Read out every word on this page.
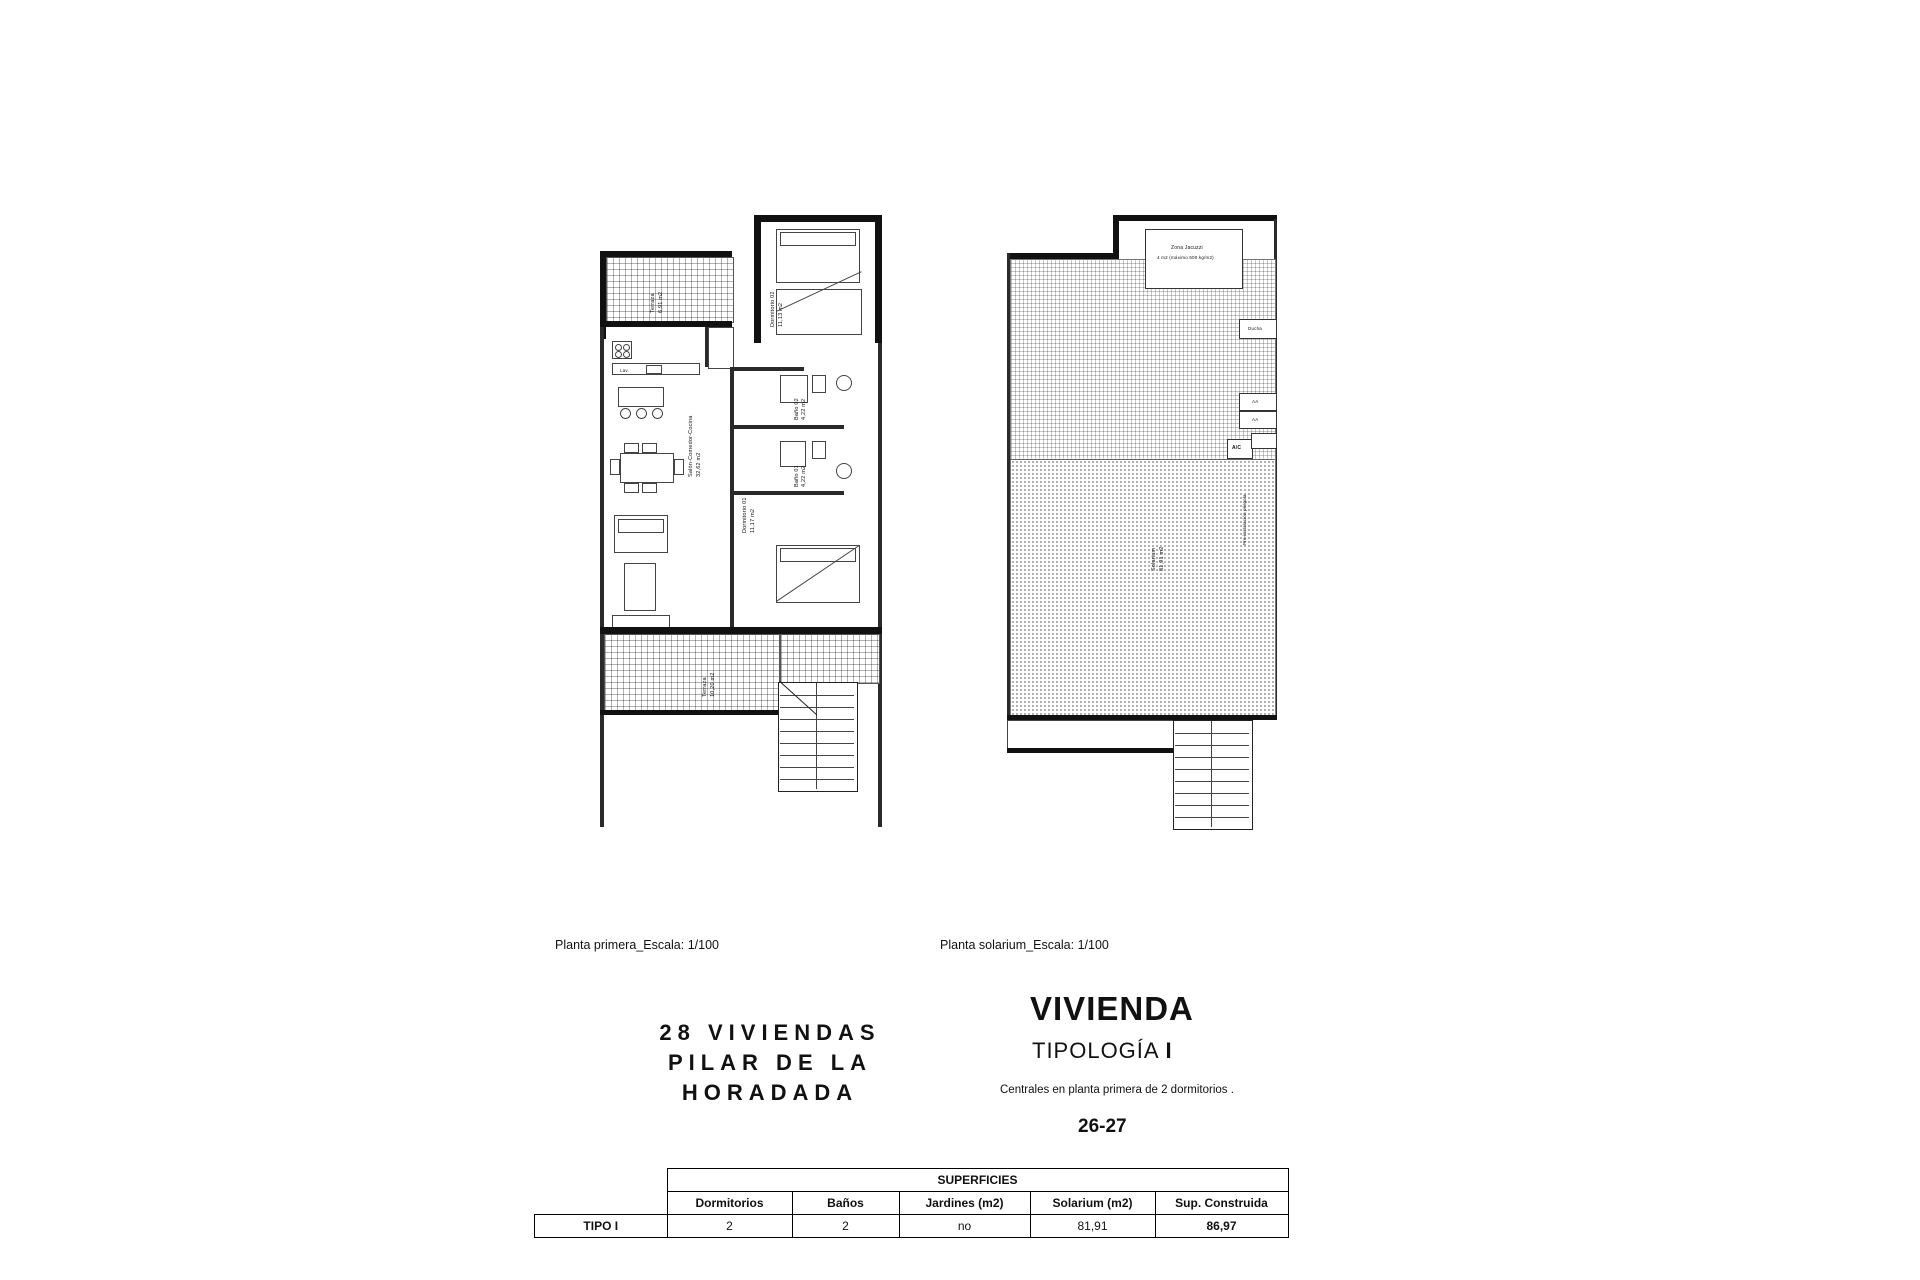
Dormitorio 02 11,13 m2
Terraza 6,91 m2
Lav.
Salón-Comedor-Cocina 32,62 m2
Baño 02 4,22 m2
Baño 01 4,22 m2
Dormitorio 01 11,17 m2
Terraza 10,20 m2
Planta primera_Escala: 1/100
Zona Jacuzzi
4 m2 (máximo 500 kg/m2)
Ducha
AA
AA
A/C
Pre-instalación pérgola
Solarium 81,91 m2
Planta solarium_Escala: 1/100
28 VIVIENDAS
PILAR DE LA
HORADADA
VIVIENDA
TIPOLOGÍA I
Centrales en planta primera de 2 dormitorios .
26-27
	SUPERFICIES				
	Dormitorios	Baños	Jardines (m2)	Solarium (m2)	Sup. Construida
TIPO I	2	2	no	81,91	86,97
